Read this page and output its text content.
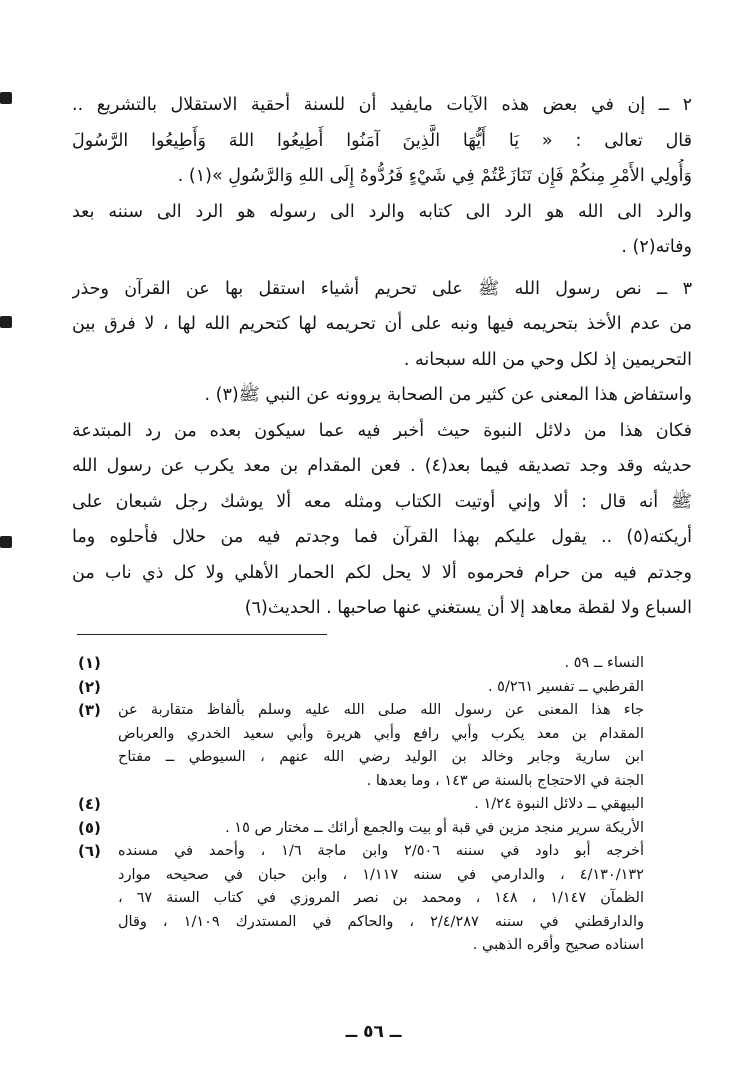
٢ ــ إن في بعض هذه الآيات مايفيد أن للسنة أحقية الاستقلال بالتشريع ..
قال تعالى : « يَا أَيُّهَا الَّذِينَ آمَنُوا أَطِيعُوا اللهَ وَأَطِيعُوا الرَّسُولَ
وَأُولِي الأَمْرِ مِنكُمْ فَإِن تَنَازَعْتُمْ فِي شَيْءٍ فَرُدُّوهُ إِلَى اللهِ وَالرَّسُولِ »(١) .
والرد الى الله هو الرد الى كتابه والرد الى رسوله هو الرد الى سننه بعد
وفاته(٢) .
٣ ــ نص رسول الله ﷺ على تحريم أشياء استقل بها عن القرآن وحذر
من عدم الأخذ بتحريمه فيها ونبه على أن تحريمه لها كتحريم الله لها ، لا فرق بين
التحريمين إذ لكل وحي من الله سبحانه .
واستفاض هذا المعنى عن كثير من الصحابة يروونه عن النبي ﷺ(٣) .
فكان هذا من دلائل النبوة حيث أخبر فيه عما سيكون بعده من رد المبتدعة
حديثه وقد وجد تصديقه فيما بعد(٤) . فعن المقدام بن معد يكرب عن رسول الله
ﷺ أنه قال : ألا وإني أوتيت الكتاب ومثله معه ألا يوشك رجل شبعان على
أريكته(٥) .. يقول عليكم بهذا القرآن فما وجدتم فيه من حلال فأحلوه وما
وجدتم فيه من حرام فحرموه ألا لا يحل لكم الحمار الأهلي ولا كل ذي ناب من
السباع ولا لقطة معاهد إلا أن يستغني عنها صاحبها . الحديث(٦)
(١)	النساء ــ ٥٩ .
(٢)	القرطبي ــ تفسير ٥/٢٦١ .
(٣)	جاء هذا المعنى عن رسول الله صلى الله عليه وسلم بألفاظ متقاربة عن
المقدام بن معد يكرب وأبي رافع وأبي هريرة وأبي سعيد الخدري والعرباض
ابن سارية وجابر وخالد بن الوليد رضي الله عنهم ، السيوطي ــ مفتاح
الجنة في الاحتجاج بالسنة ص ١٤٣ ، وما بعدها .
(٤)	البيهقي ــ دلائل النبوة ١/٢٤ .
(٥)	الأريكة سرير منجد مزين في قبة أو بيت والجمع أرائك ــ مختار ص ١٥ .
(٦)	أخرجه أبو داود في سننه ٢/٥٠٦ وابن ماجة ١/٦ ، وأحمد في مسنده
٤/١٣٠/١٣٢ ، والدارمي في سننه ١/١١٧ ، وابن حبان في صحيحه موارد
الظمآن ١/١٤٧ ، ١٤٨ ، ومحمد بن نصر المروزي في كتاب السنة ٦٧ ،
والدارقطني في سننه ٢/٤/٢٨٧ ، والحاكم في المستدرك ١/١٠٩ ، وقال
اسناده صحيح وأقره الذهبي .
ــ ٥٦ ــ
